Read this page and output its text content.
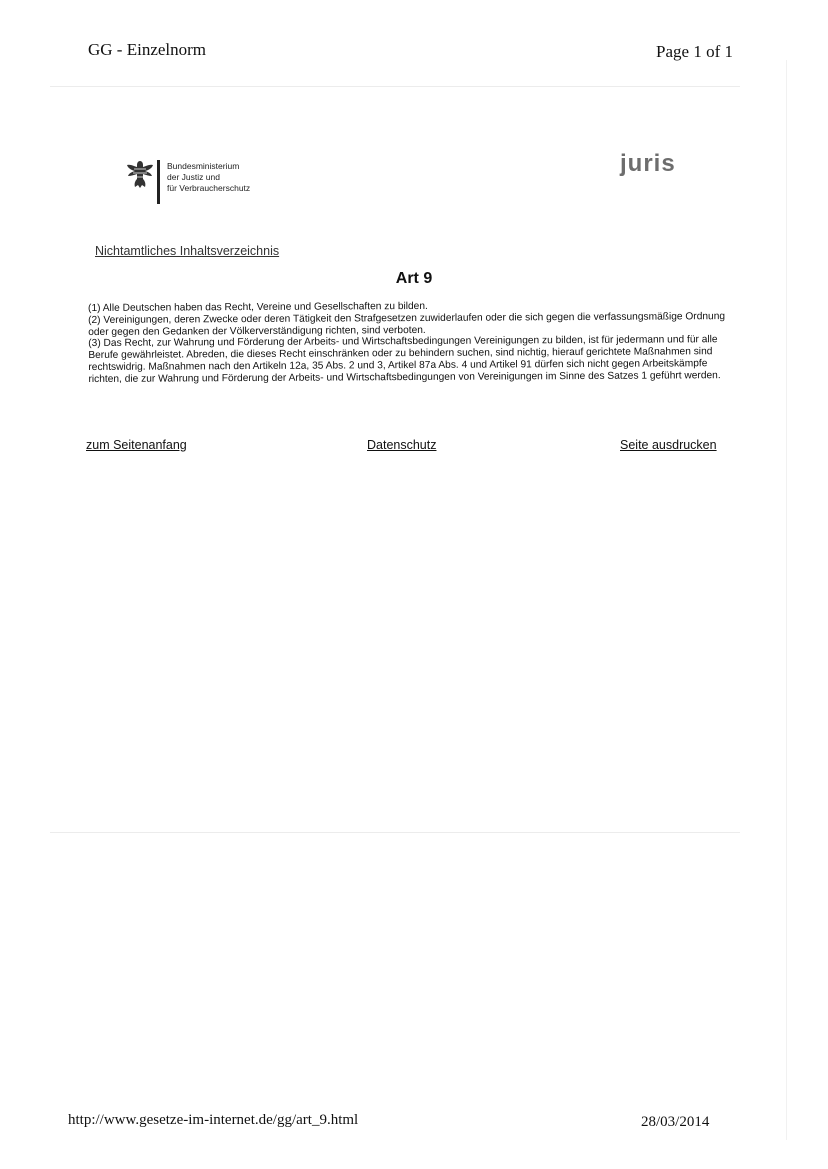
GG - Einzelnorm	Page 1 of 1
Bundesministerium
der Justiz und
für Verbraucherschutz
juris
Nichtamtliches Inhaltsverzeichnis
Art 9

(1) Alle Deutschen haben das Recht, Vereine und Gesellschaften zu bilden.

(2) Vereinigungen, deren Zwecke oder deren Tätigkeit den Strafgesetzen zuwiderlaufen oder die sich gegen die verfassungsmäßige Ordnung oder gegen den Gedanken der Völkerverständigung richten, sind verboten.

(3) Das Recht, zur Wahrung und Förderung der Arbeits- und Wirtschaftsbedingungen Vereinigungen zu bilden, ist für jedermann und für alle Berufe gewährleistet. Abreden, die dieses Recht einschränken oder zu behindern suchen, sind nichtig, hierauf gerichtete Maßnahmen sind rechtswidrig. Maßnahmen nach den Artikeln 12a, 35 Abs. 2 und 3, Artikel 87a Abs. 4 und Artikel 91 dürfen sich nicht gegen Arbeitskämpfe richten, die zur Wahrung und Förderung der Arbeits- und Wirtschaftsbedingungen von Vereinigungen im Sinne des Satzes 1 geführt werden.

zum Seitenanfang	Datenschutz	Seite ausdrucken
http://www.gesetze-im-internet.de/gg/art_9.html	28/03/2014
